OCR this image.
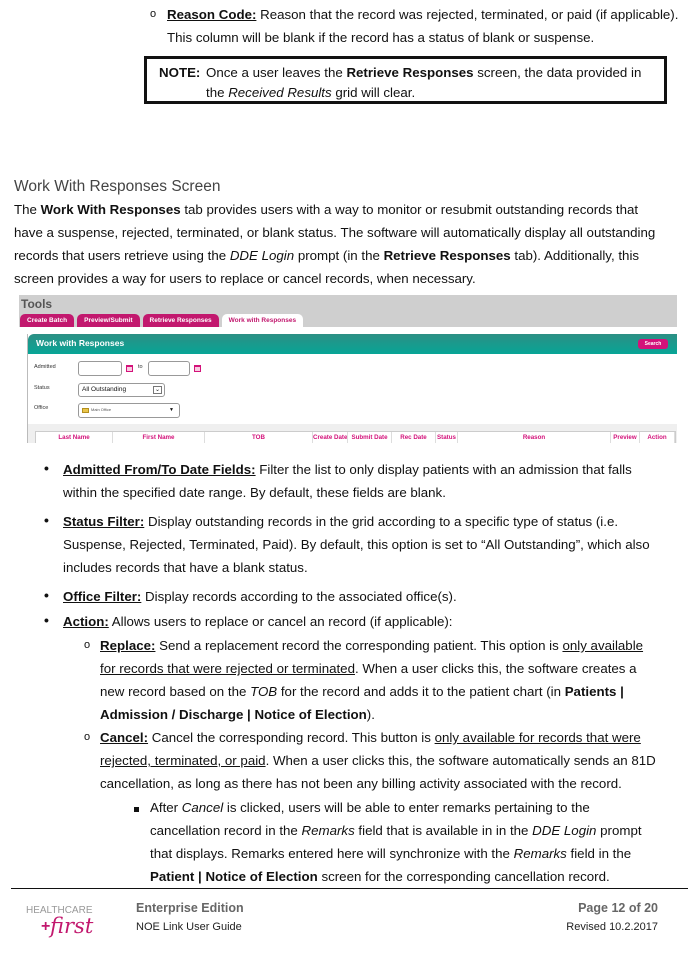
o Reason Code: Reason that the record was rejected, terminated, or paid (if applicable).
This column will be blank if the record has a status of blank or suspense.
NOTE: Once a user leaves the Retrieve Responses screen, the data provided in
the Received Results grid will clear.
Work With Responses Screen
The Work With Responses tab provides users with a way to monitor or resubmit outstanding records that
have a suspense, rejected, terminated, or blank status. The software will automatically display all outstanding
records that users retrieve using the DDE Login prompt (in the Retrieve Responses tab). Additionally, this
screen provides a way for users to replace or cancel records, when necessary.
Tools
Create Batch	Preview/Submit	Retrieve Responses	Work with Responses
Work with Responses	Search
Admitted	to
Status	All Outstanding	⌄
Office	Main Office	▼
Last Name	First Name	TOB	Create Date Submit Date	Rec Date	Status	Reason	Preview	Action
• Admitted From/To Date Fields: Filter the list to only display patients with an admission that falls
within the specified date range. By default, these fields are blank.
• Status Filter: Display outstanding records in the grid according to a specific type of status (i.e.
Suspense, Rejected, Terminated, Paid). By default, this option is set to “All Outstanding”, which also
includes records that have a blank status.
• Office Filter: Display records according to the associated office(s).
• Action: Allows users to replace or cancel an record (if applicable):
o Replace: Send a replacement record the corresponding patient. This option is only available
for records that were rejected or terminated. When a user clicks this, the software creates a
new record based on the TOB for the record and adds it to the patient chart (in Patients |
Admission / Discharge | Notice of Election).
o Cancel: Cancel the corresponding record. This button is only available for records that were
rejected, terminated, or paid. When a user clicks this, the software automatically sends an 81D
cancellation, as long as there has not been any billing activity associated with the record.
After Cancel is clicked, users will be able to enter remarks pertaining to the
cancellation record in the Remarks field that is available in in the DDE Login prompt
that displays. Remarks entered here will synchronize with the Remarks field in the
Patient | Notice of Election screen for the corresponding cancellation record.
HEALTHCARE
+ first
Enterprise Edition
NOE Link User Guide
Page 12 of 20
Revised 10.2.2017
